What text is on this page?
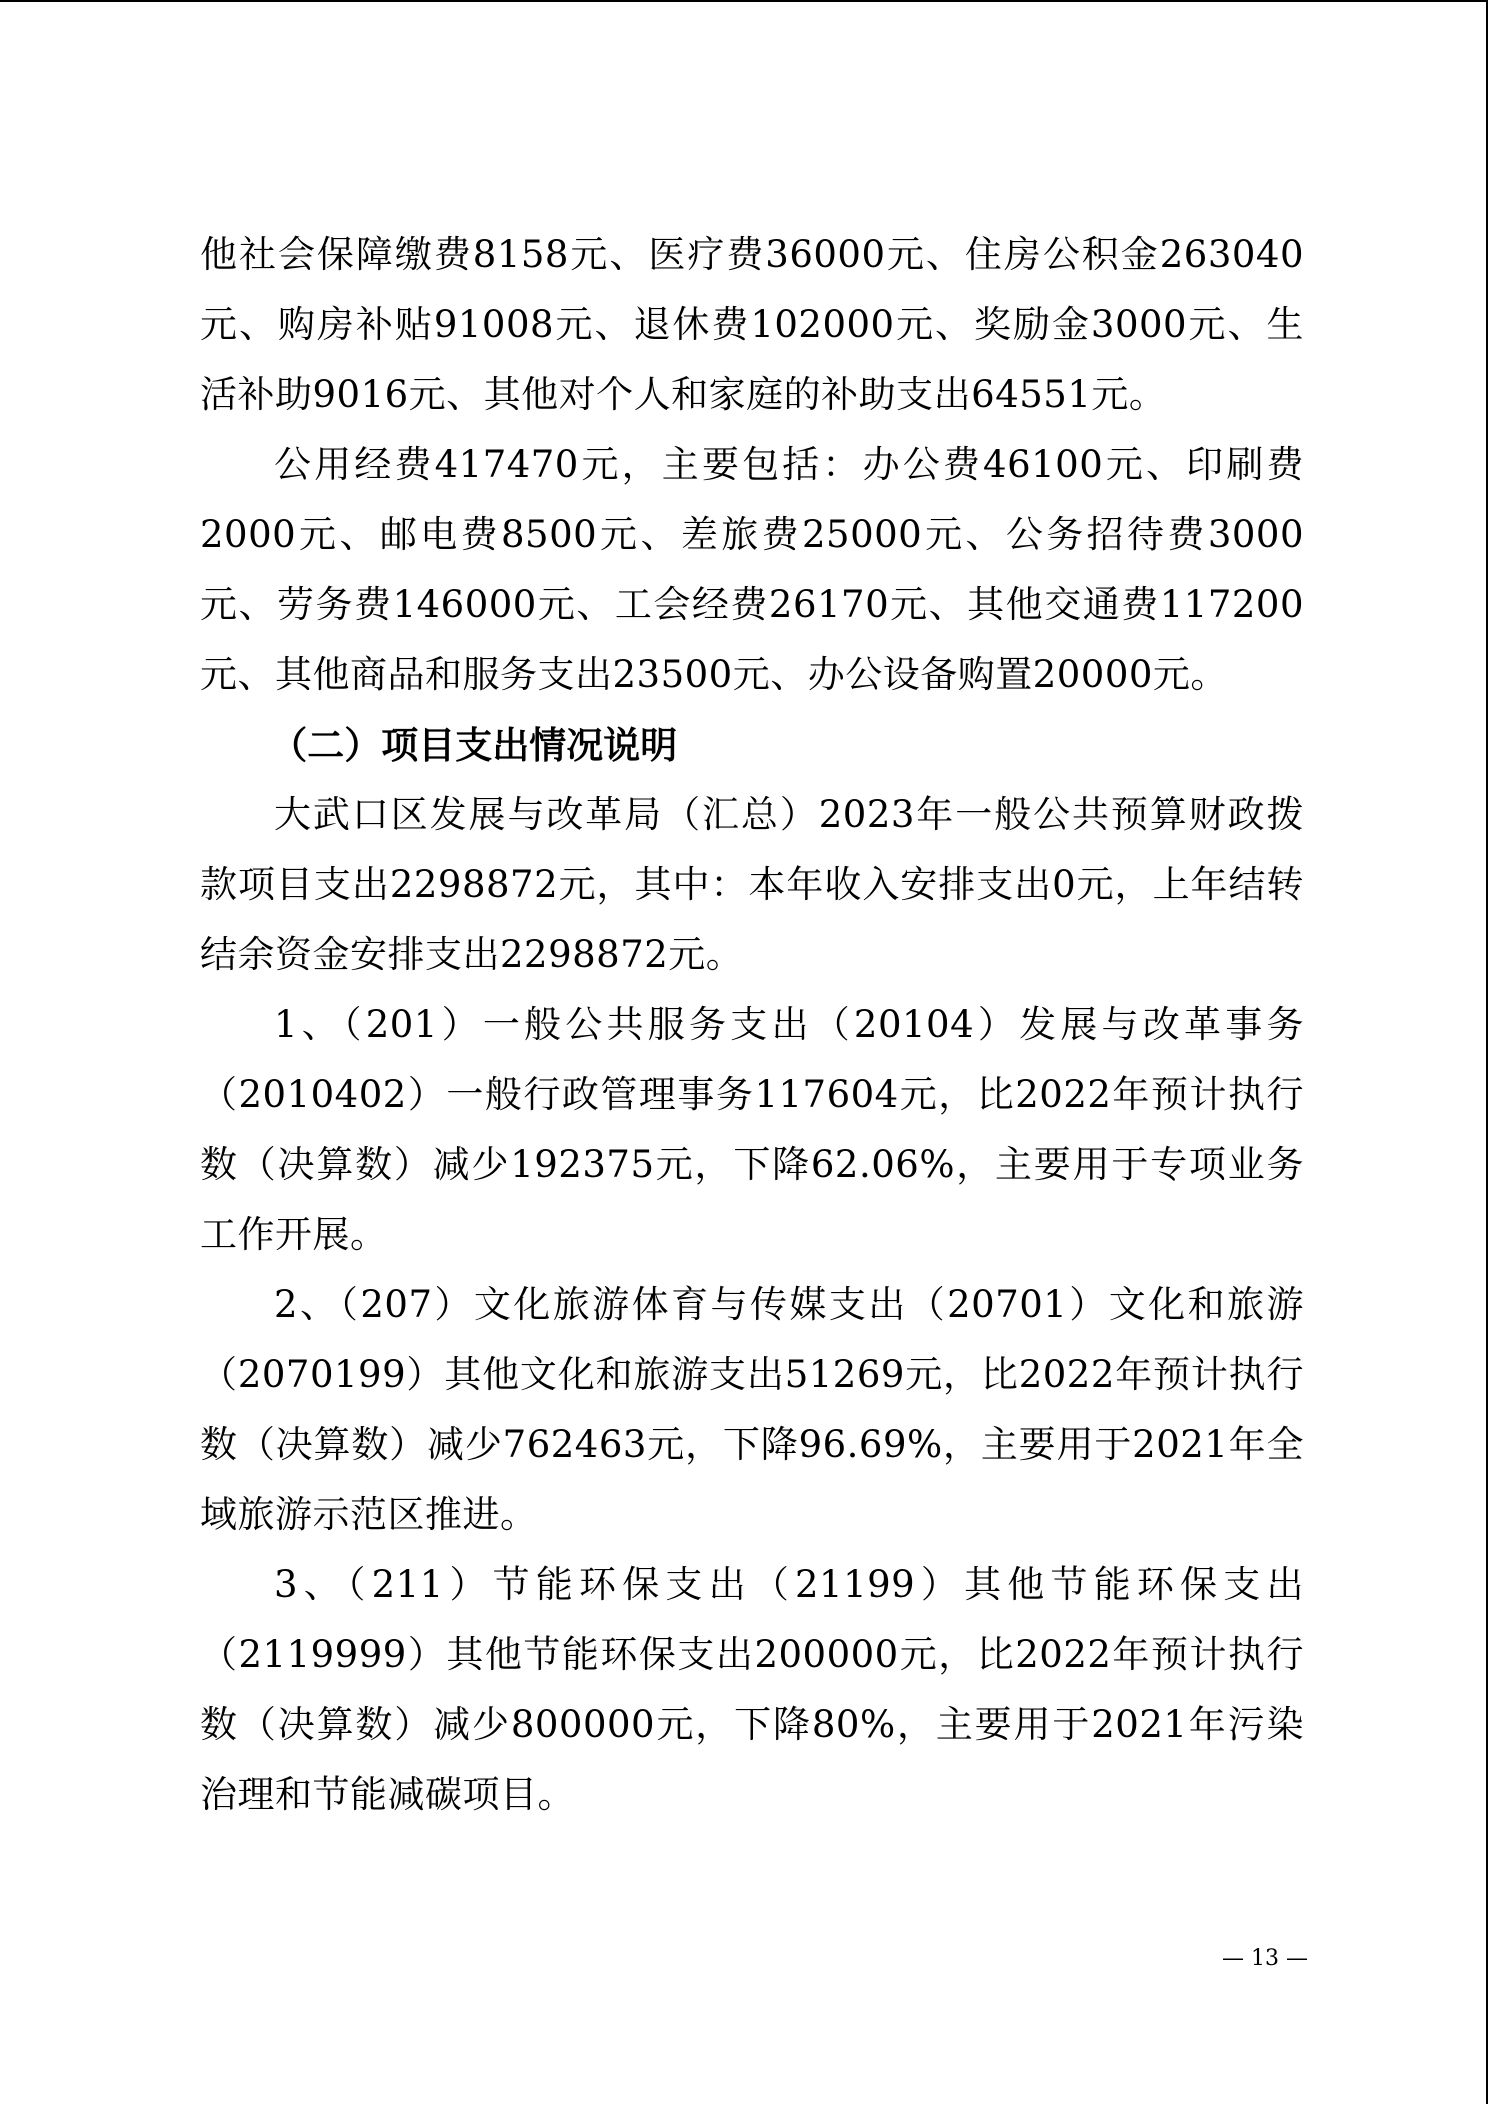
他社会保障缴费8158元、医疗费36000元、住房公积金263040元、购房补贴91008元、退休费102000元、奖励金3000元、生活补助9016元、其他对个人和家庭的补助支出64551元。

公用经费417470元，主要包括：办公费46100元、印刷费2000元、邮电费8500元、差旅费25000元、公务招待费3000元、劳务费146000元、工会经费26170元、其他交通费117200元、其他商品和服务支出23500元、办公设备购置20000元。

（二）项目支出情况说明

大武口区发展与改革局（汇总）2023年一般公共预算财政拨款项目支出2298872元，其中：本年收入安排支出0元，上年结转结余资金安排支出2298872元。

1、（201）一般公共服务支出（20104）发展与改革事务（2010402）一般行政管理事务117604元，比2022年预计执行数（决算数）减少192375元，下降62.06%，主要用于专项业务工作开展。

2、（207）文化旅游体育与传媒支出（20701）文化和旅游（2070199）其他文化和旅游支出51269元，比2022年预计执行数（决算数）减少762463元，下降96.69%，主要用于2021年全域旅游示范区推进。

3、（211）节能环保支出（21199）其他节能环保支出（2119999）其他节能环保支出200000元，比2022年预计执行数（决算数）减少800000元，下降80%，主要用于2021年污染治理和节能减碳项目。

— 13 —
